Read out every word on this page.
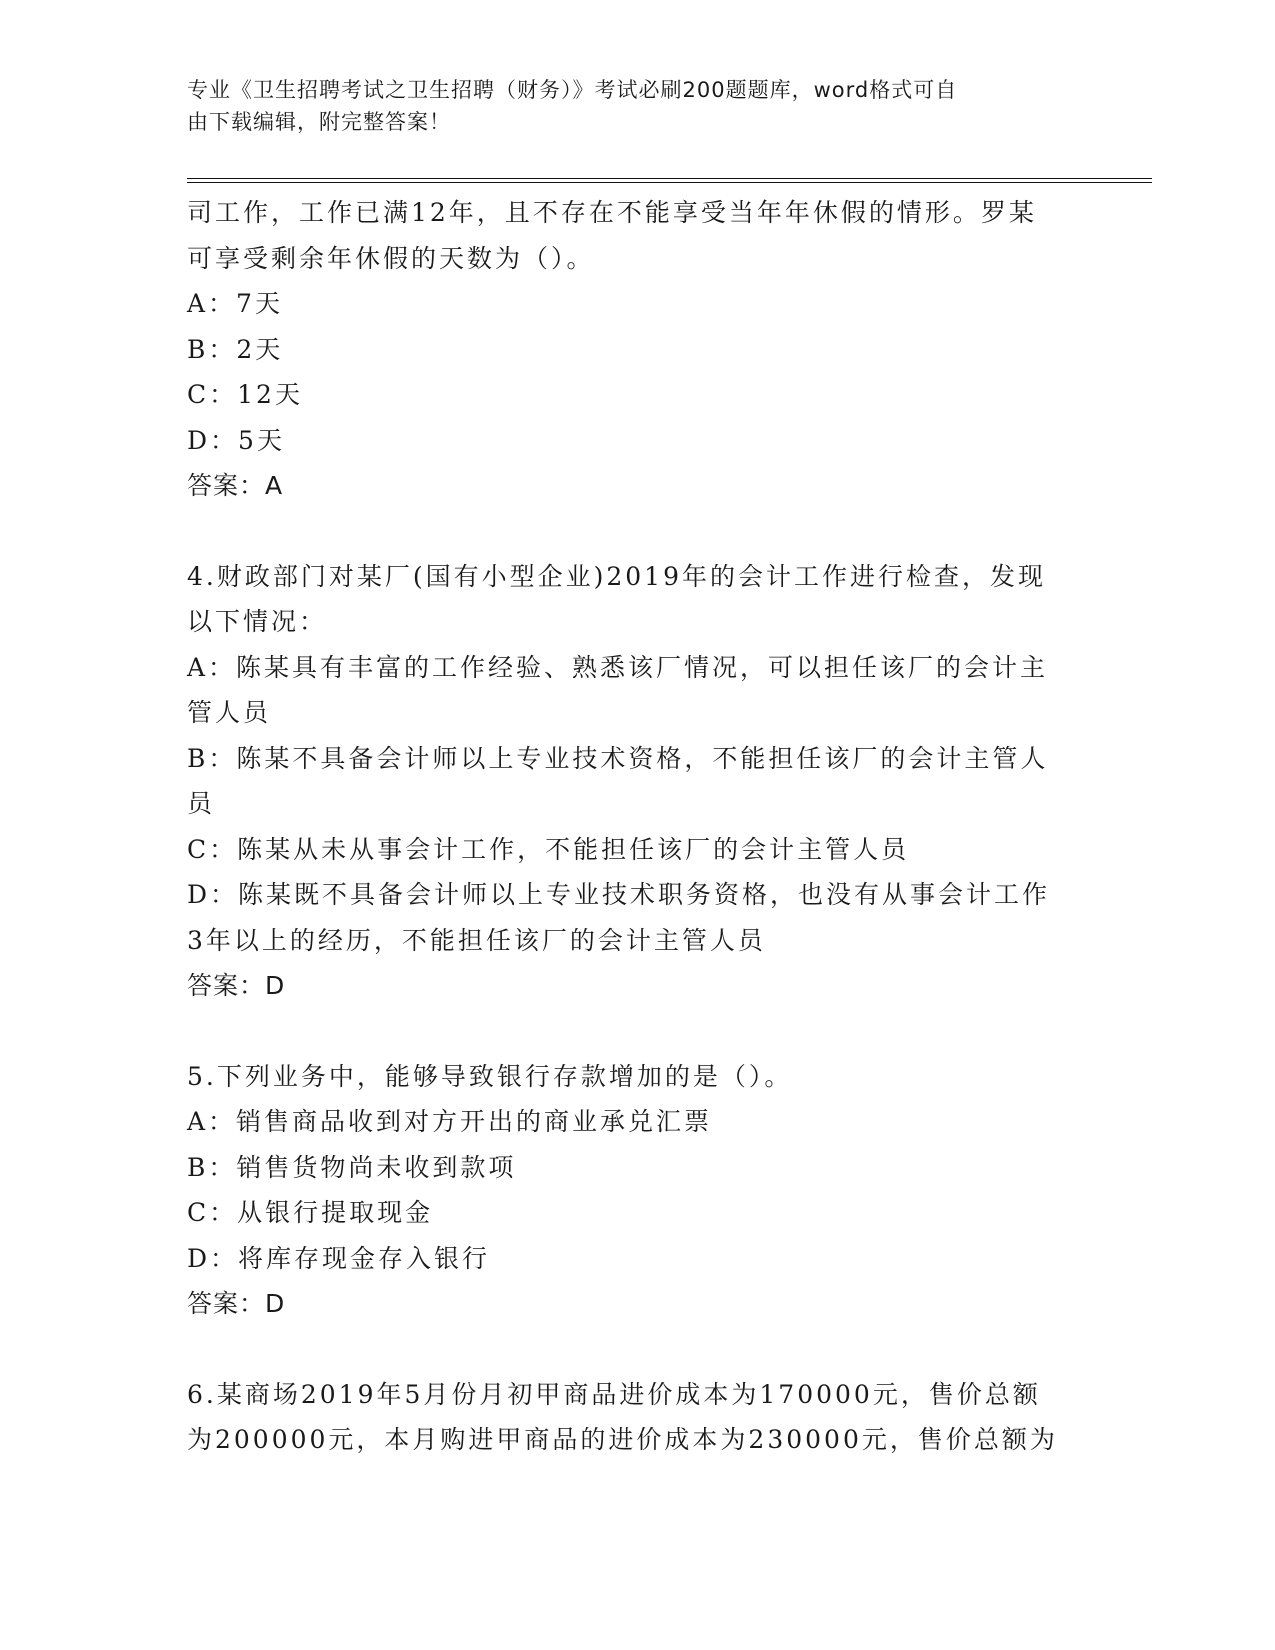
专业《卫生招聘考试之卫生招聘（财务）》考试必刷200题题库，word格式可自
由下载编辑，附完整答案！
司工作，工作已满12年，且不存在不能享受当年年休假的情形。罗某
可享受剩余年休假的天数为（）。
A：7天
B：2天
C：12天
D：5天
答案：A
4.财政部门对某厂(国有小型企业)2019年的会计工作进行检查，发现
以下情况：
A：陈某具有丰富的工作经验、熟悉该厂情况，可以担任该厂的会计主
管人员
B：陈某不具备会计师以上专业技术资格，不能担任该厂的会计主管人
员
C：陈某从未从事会计工作，不能担任该厂的会计主管人员
D：陈某既不具备会计师以上专业技术职务资格，也没有从事会计工作
3年以上的经历，不能担任该厂的会计主管人员
答案：D
5.下列业务中，能够导致银行存款增加的是（）。
A：销售商品收到对方开出的商业承兑汇票
B：销售货物尚未收到款项
C：从银行提取现金
D：将库存现金存入银行
答案：D
6.某商场2019年5月份月初甲商品进价成本为170000元，售价总额
为200000元，本月购进甲商品的进价成本为230000元，售价总额为
